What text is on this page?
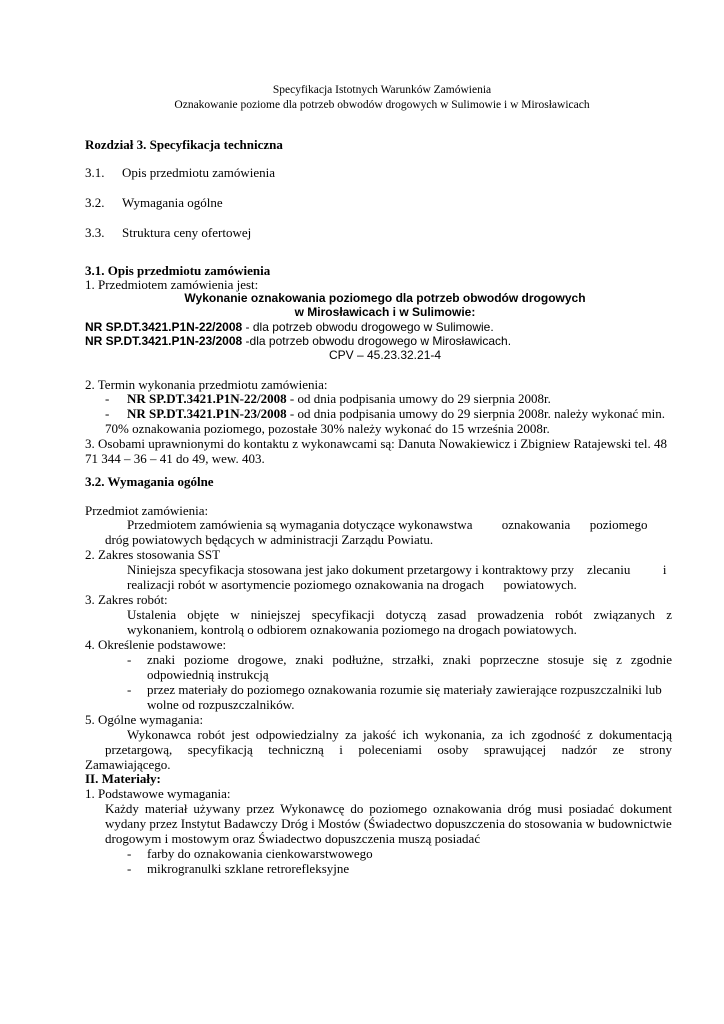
Specyfikacja Istotnych Warunków Zamówienia
Oznakowanie poziome dla potrzeb obwodów drogowych w Sulimowie i w Mirosławicach
Rozdział 3. Specyfikacja techniczna
3.1. Opis przedmiotu zamówienia
3.2. Wymagania ogólne
3.3. Struktura ceny ofertowej
3.1. Opis przedmiotu zamówienia
1. Przedmiotem zamówienia jest:
Wykonanie oznakowania poziomego dla potrzeb obwodów drogowych
w Mirosławicach i w Sulimowie:
NR SP.DT.3421.P1N-22/2008 - dla potrzeb obwodu drogowego w Sulimowie.
NR SP.DT.3421.P1N-23/2008 -dla potrzeb obwodu drogowego w Mirosławicach.
CPV – 45.23.32.21-4
2. Termin wykonania przedmiotu zamówienia:
- NR SP.DT.3421.P1N-22/2008 - od dnia podpisania umowy do 29 sierpnia 2008r.
- NR SP.DT.3421.P1N-23/2008 - od dnia podpisania umowy do 29 sierpnia 2008r. należy wykonać min.
70% oznakowania poziomego, pozostałe 30% należy wykonać do 15 września 2008r.
3. Osobami uprawnionymi do kontaktu z wykonawcami są: Danuta Nowakiewicz i Zbigniew Ratajewski tel. 48
71 344 – 36 – 41 do 49, wew. 403.
3.2. Wymagania ogólne
Przedmiot zamówienia:
Przedmiotem zamówienia są wymagania dotyczące wykonawstwa         oznakowania      poziomego
dróg powiatowych będących w administracji Zarządu Powiatu.
2. Zakres stosowania SST
Niniejsza specyfikacja stosowana jest jako dokument przetargowy i kontraktowy przy    zlecaniu          i
realizacji robót w asortymencie poziomego oznakowania na drogach      powiatowych.
3. Zakres robót:
Ustalenia objęte w niniejszej specyfikacji dotyczą zasad prowadzenia robót związanych z
wykonaniem, kontrolą o odbiorem oznakowania poziomego na drogach powiatowych.
4. Określenie podstawowe:
- znaki poziome drogowe, znaki podłużne, strzałki, znaki poprzeczne stosuje się z zgodnie
odpowiednią instrukcją
- przez materiały do poziomego oznakowania rozumie się materiały zawierające rozpuszczalniki lub
wolne od rozpuszczalników.
5. Ogólne wymagania:
Wykonawca robót jest odpowiedzialny za jakość ich wykonania, za ich zgodność z dokumentacją
przetargową, specyfikacją techniczną i poleceniami osoby sprawującej nadzór ze strony
Zamawiającego.
II. Materiały:
1. Podstawowe wymagania:
Każdy materiał używany przez Wykonawcę do poziomego oznakowania dróg musi posiadać dokument
wydany przez Instytut Badawczy Dróg i Mostów (Świadectwo dopuszczenia do stosowania w budownictwie
drogowym i mostowym oraz Świadectwo dopuszczenia muszą posiadać
- farby do oznakowania cienkowarstwowego
- mikrogranulki szklane retrorefleksyjne
